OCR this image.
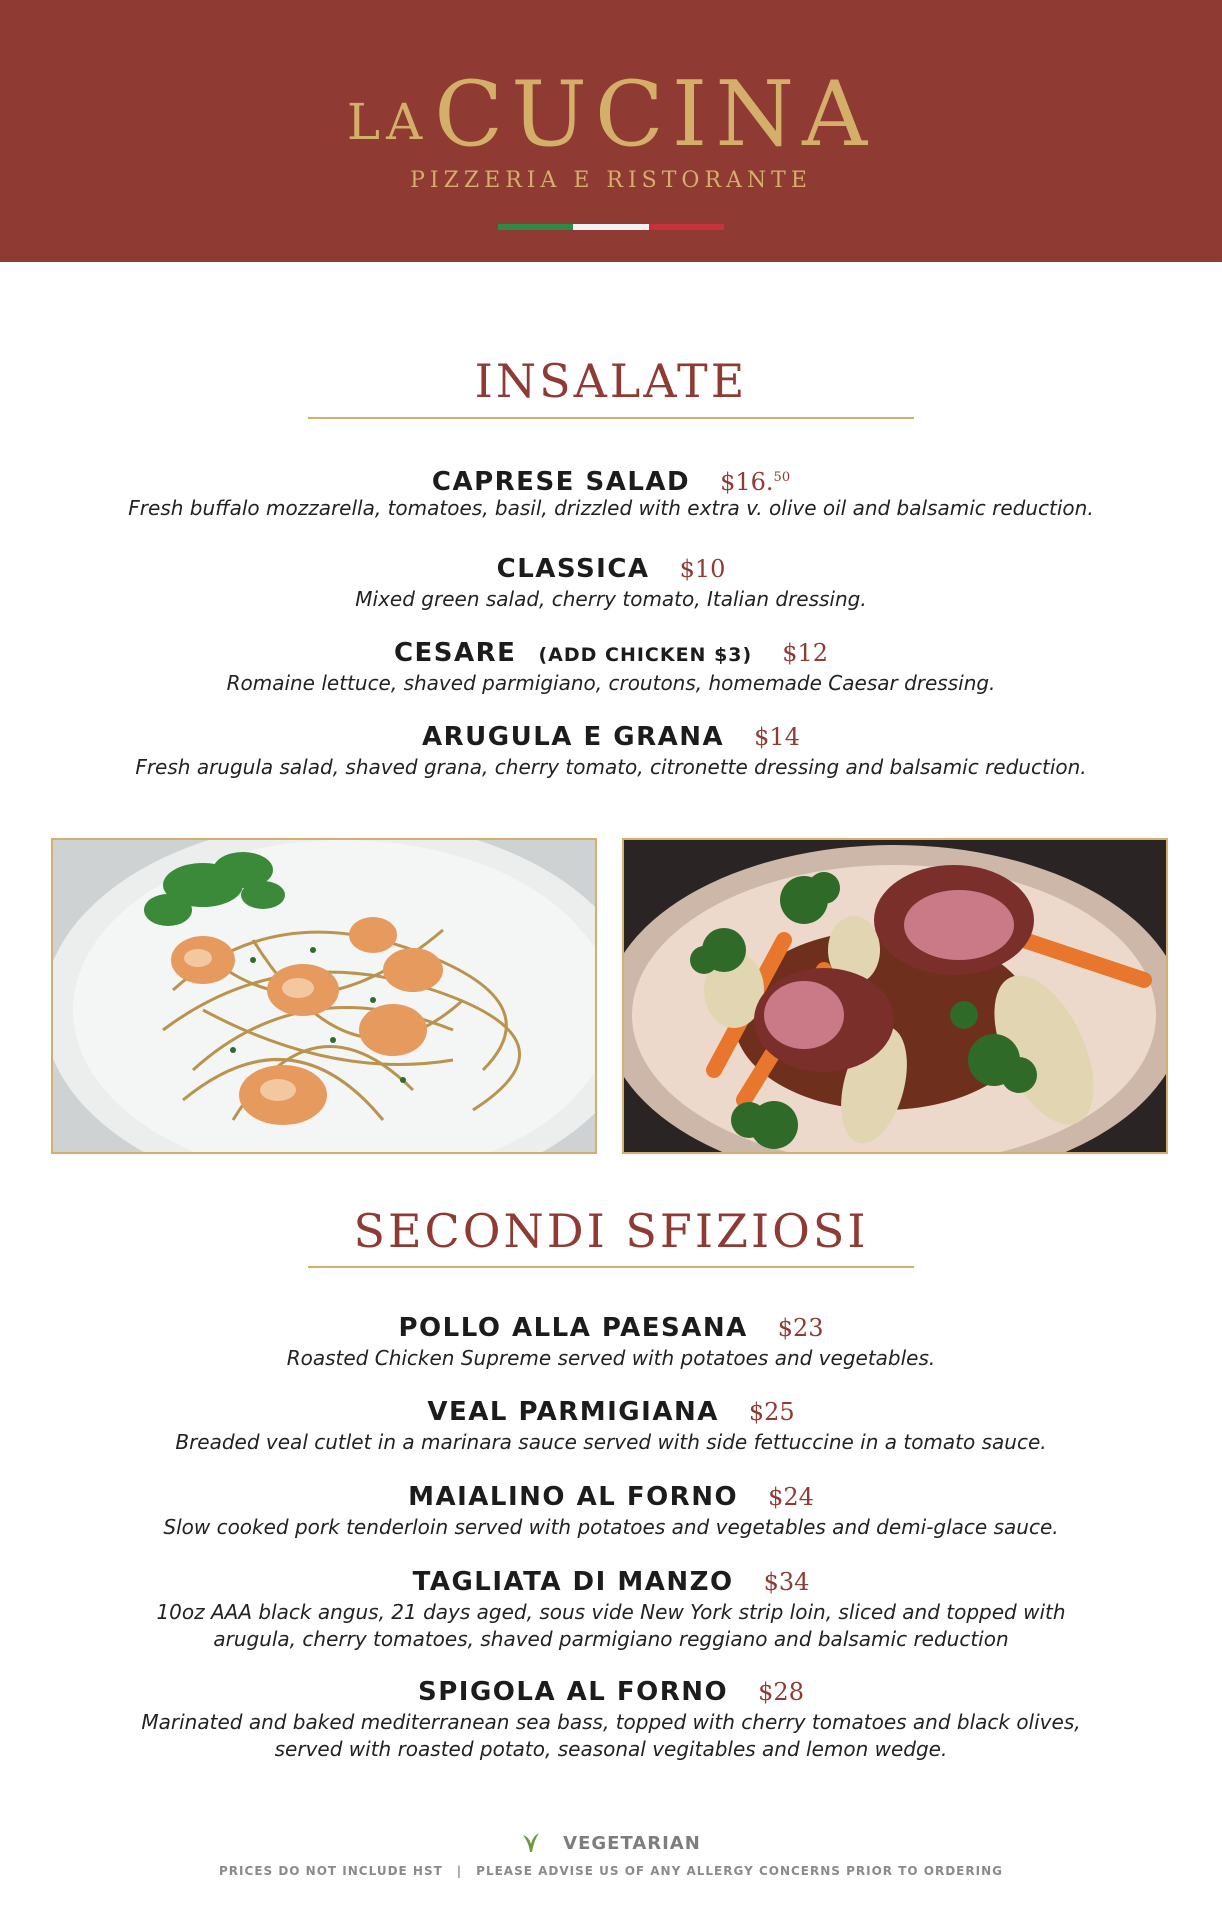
LACUCINA
PIZZERIA E RISTORANTE
INSALATE
CAPRESE SALAD $16.50
Fresh buffalo mozzarella, tomatoes, basil, drizzled with extra v. olive oil and balsamic reduction.
CLASSICA $10
Mixed green salad, cherry tomato, Italian dressing.
CESARE (ADD CHICKEN $3) $12
Romaine lettuce, shaved parmigiano, croutons, homemade Caesar dressing.
ARUGULA E GRANA $14
Fresh arugula salad, shaved grana, cherry tomato, citronette dressing and balsamic reduction.
SECONDI SFIZIOSI
POLLO ALLA PAESANA $23
Roasted Chicken Supreme served with potatoes and vegetables.
VEAL PARMIGIANA $25
Breaded veal cutlet in a marinara sauce served with side fettuccine in a tomato sauce.
MAIALINO AL FORNO $24
Slow cooked pork tenderloin served with potatoes and vegetables and demi-glace sauce.
TAGLIATA DI MANZO $34
10oz AAA black angus, 21 days aged, sous vide New York strip loin, sliced and topped with
arugula, cherry tomatoes, shaved parmigiano reggiano and balsamic reduction
SPIGOLA AL FORNO $28
Marinated and baked mediterranean sea bass, topped with cherry tomatoes and black olives,
served with roasted potato, seasonal vegitables and lemon wedge.
VEGETARIAN
PRICES DO NOT INCLUDE HST | PLEASE ADVISE US OF ANY ALLERGY CONCERNS PRIOR TO ORDERING
